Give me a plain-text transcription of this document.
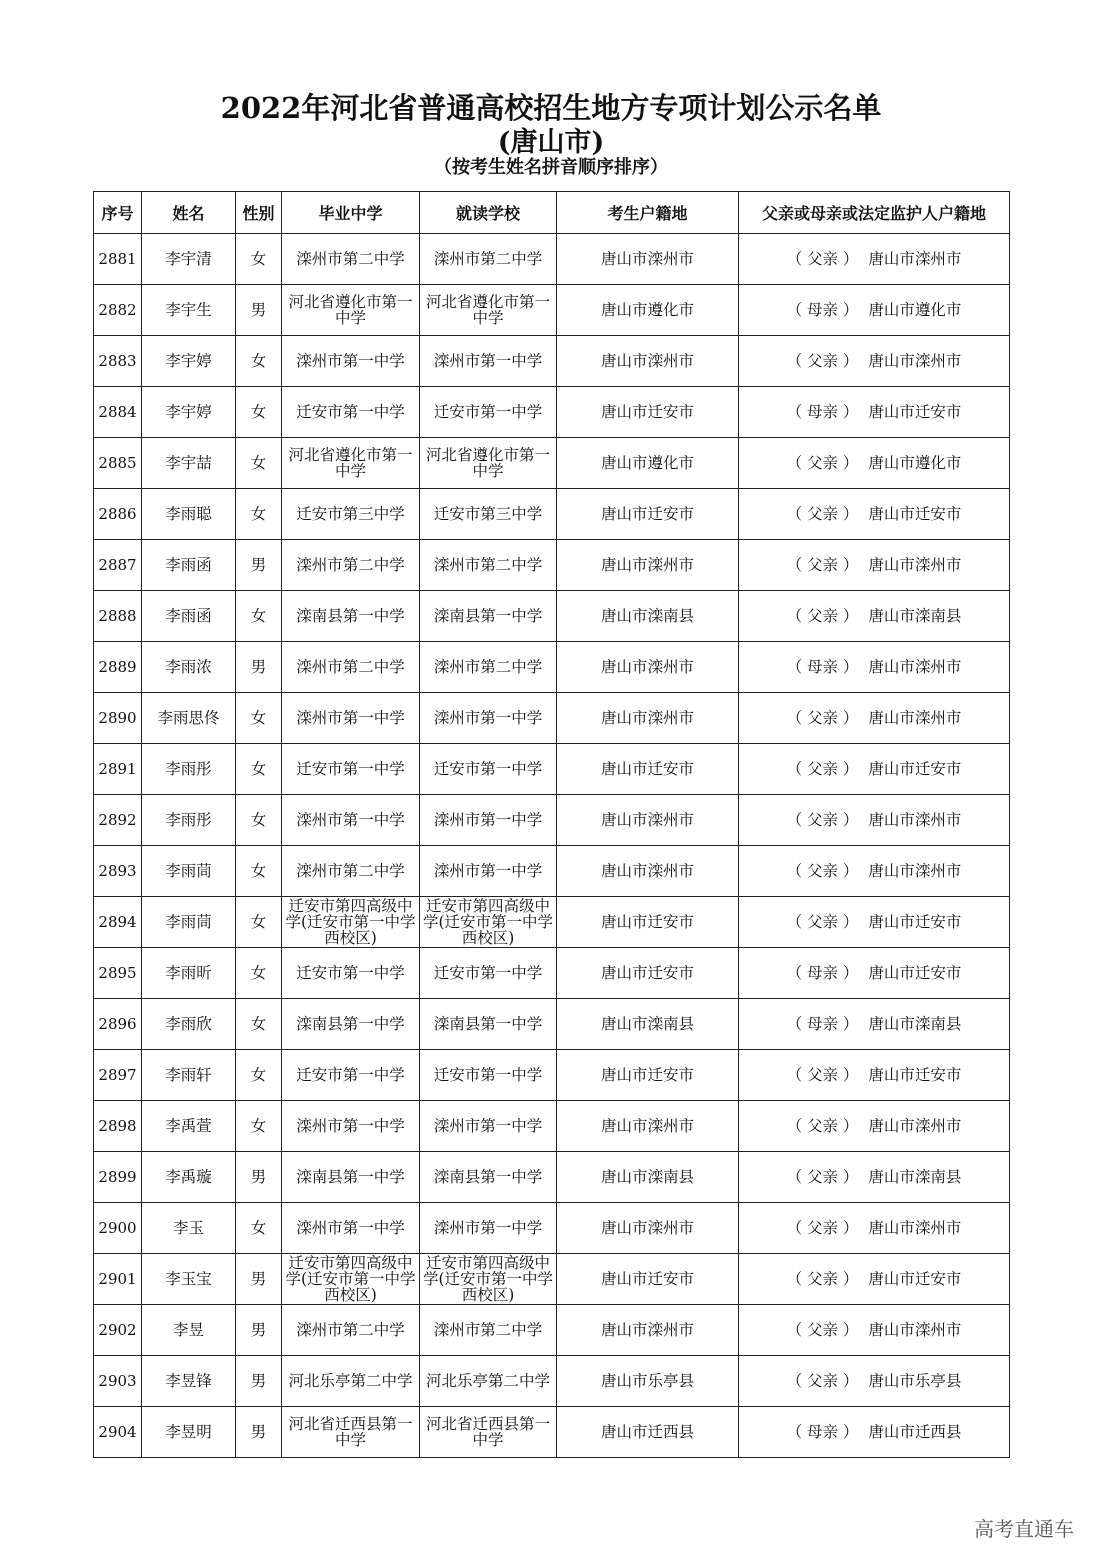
2022年河北省普通高校招生地方专项计划公示名单
(唐山市)
（按考生姓名拼音顺序排序）
序号	姓名	性别	毕业中学	就读学校	考生户籍地	父亲或母亲或法定监护人户籍地
2881	李宇清	女	滦州市第二中学	滦州市第二中学	唐山市滦州市	（ 父亲 ） 唐山市滦州市
2882	李宇生	男	河北省遵化市第一中学	河北省遵化市第一中学	唐山市遵化市	（ 母亲 ） 唐山市遵化市
2883	李宇婷	女	滦州市第一中学	滦州市第一中学	唐山市滦州市	（ 父亲 ） 唐山市滦州市
2884	李宇婷	女	迁安市第一中学	迁安市第一中学	唐山市迁安市	（ 母亲 ） 唐山市迁安市
2885	李宇喆	女	河北省遵化市第一中学	河北省遵化市第一中学	唐山市遵化市	（ 父亲 ） 唐山市遵化市
2886	李雨聪	女	迁安市第三中学	迁安市第三中学	唐山市迁安市	（ 父亲 ） 唐山市迁安市
2887	李雨函	男	滦州市第二中学	滦州市第二中学	唐山市滦州市	（ 父亲 ） 唐山市滦州市
2888	李雨函	女	滦南县第一中学	滦南县第一中学	唐山市滦南县	（ 父亲 ） 唐山市滦南县
2889	李雨浓	男	滦州市第二中学	滦州市第二中学	唐山市滦州市	（ 母亲 ） 唐山市滦州市
2890	李雨思佟	女	滦州市第一中学	滦州市第一中学	唐山市滦州市	（ 父亲 ） 唐山市滦州市
2891	李雨彤	女	迁安市第一中学	迁安市第一中学	唐山市迁安市	（ 父亲 ） 唐山市迁安市
2892	李雨彤	女	滦州市第一中学	滦州市第一中学	唐山市滦州市	（ 父亲 ） 唐山市滦州市
2893	李雨茼	女	滦州市第二中学	滦州市第一中学	唐山市滦州市	（ 父亲 ） 唐山市滦州市
2894	李雨茼	女	迁安市第四高级中学(迁安市第一中学西校区)	迁安市第四高级中学(迁安市第一中学西校区)	唐山市迁安市	（ 父亲 ） 唐山市迁安市
2895	李雨昕	女	迁安市第一中学	迁安市第一中学	唐山市迁安市	（ 母亲 ） 唐山市迁安市
2896	李雨欣	女	滦南县第一中学	滦南县第一中学	唐山市滦南县	（ 母亲 ） 唐山市滦南县
2897	李雨轩	女	迁安市第一中学	迁安市第一中学	唐山市迁安市	（ 父亲 ） 唐山市迁安市
2898	李禹萱	女	滦州市第一中学	滦州市第一中学	唐山市滦州市	（ 父亲 ） 唐山市滦州市
2899	李禹璇	男	滦南县第一中学	滦南县第一中学	唐山市滦南县	（ 父亲 ） 唐山市滦南县
2900	李玉	女	滦州市第一中学	滦州市第一中学	唐山市滦州市	（ 父亲 ） 唐山市滦州市
2901	李玉宝	男	迁安市第四高级中学(迁安市第一中学西校区)	迁安市第四高级中学(迁安市第一中学西校区)	唐山市迁安市	（ 父亲 ） 唐山市迁安市
2902	李昱	男	滦州市第二中学	滦州市第二中学	唐山市滦州市	（ 父亲 ） 唐山市滦州市
2903	李昱锋	男	河北乐亭第二中学	河北乐亭第二中学	唐山市乐亭县	（ 父亲 ） 唐山市乐亭县
2904	李昱明	男	河北省迁西县第一中学	河北省迁西县第一中学	唐山市迁西县	（ 母亲 ） 唐山市迁西县
高考直通车
